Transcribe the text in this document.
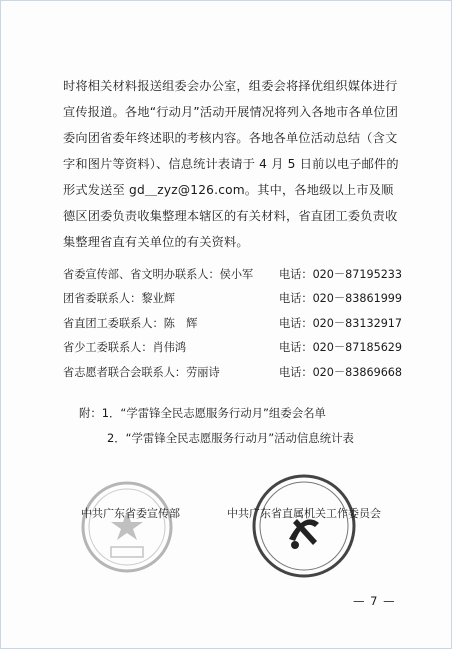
时将相关材料报送组委会办公室，组委会将择优组织媒体进行宣传报道。各地“行动月”活动开展情况将列入各地市各单位团委向团省委年终述职的考核内容。各地各单位活动总结（含文字和图片等资料）、信息统计表请于 4 月 5 日前以电子邮件的形式发送至 gd＿zyz@126.com。其中，各地级以上市及顺德区团委负责收集整理本辖区的有关材料，省直团工委负责收集整理省直有关单位的有关资料。

省委宣传部、省文明办联系人：侯小军	电话：020－87195233
团省委联系人：黎业辉	电话：020－83861999
省直团工委联系人：陈　辉	电话：020－83132917
省少工委联系人：肖伟鸿	电话：020－87185629
省志愿者联合会联系人：劳丽诗	电话：020－83869668
附：1．“学雷锋全民志愿服务行动月”组委会名单
2．“学雷锋全民志愿服务行动月”活动信息统计表
中共广东省委宣传部	中共广东省直属机关工作委员会
— 7 —
